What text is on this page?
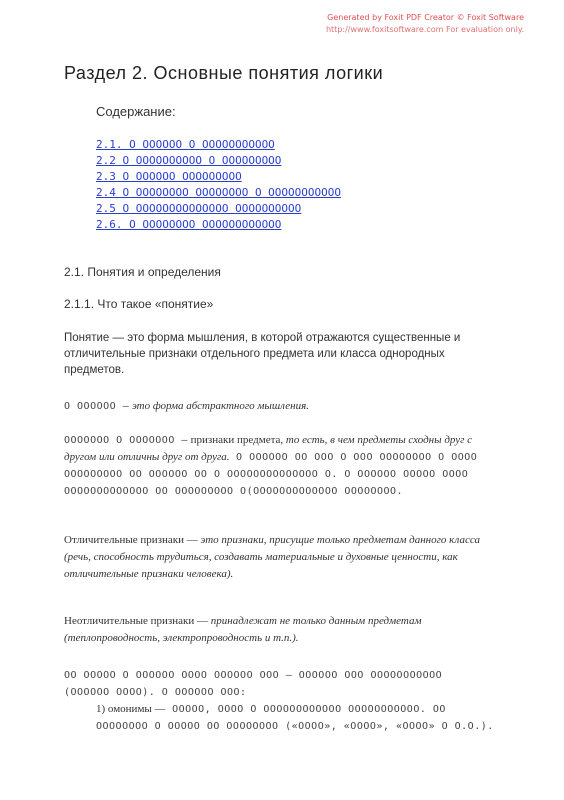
Generated by Foxit PDF Creator © Foxit Software
http://www.foxitsoftware.com For evaluation only.
Раздел 2. Основные понятия логики
Содержание:
2.1. О ОООООО О ООООООООООО
2.2 О ОООООООООО О ООООООООО
2.3 О ОООООО ООООООООО
2.4 О ОООООООО ОООООООО О ООООООООООО
2.5 О ОООООООООООООО ОООООООООО
2.6. О ОООООООО ОООООООООООО
2.1. Понятия и определения
2.1.1. Что такое «понятие»
Понятие — это форма мышления, в которой отражаются существенные и отличительные признаки отдельного предмета или класса однородных предметов.
О ОООООО — это форма абстрактного мышления.
ООООООО О ООООООО — признаки предмета, то есть, в чем предметы сходны друг с другом или отличны друг от друга. О ОООООО ОО ООО О ООО ОООООООО О ОООО ООООООООО ОО ОООООО ОО О ОООООООООООООО О. О ОООООО ООООО ОООО ООООООООООООО ОО ООООООООО О(ООООООООООООО ОООООООО.
Отличительные признаки — это признаки, присущие только предметам данного класса (речь, способность трудиться, создавать материальные и духовные ценности, как отличительные признаки человека).
Неотличительные признаки — принадлежат не только данным предметам (теплопроводность, электропроводность и т.п.).
ОО ООООО О ОООООО ОООО ОООООО ООО — ОООООО ООО ООООООООООО (ОООООО ОООО). О ОООООО ООО:
1) омонимы — ООООО, ОООО О ОООООООООООО ООООООООООО. ОО ОООООООО О ООООО ОО ОООООООО («ОООО», «ОООО», «ОООО» О О.О.).
